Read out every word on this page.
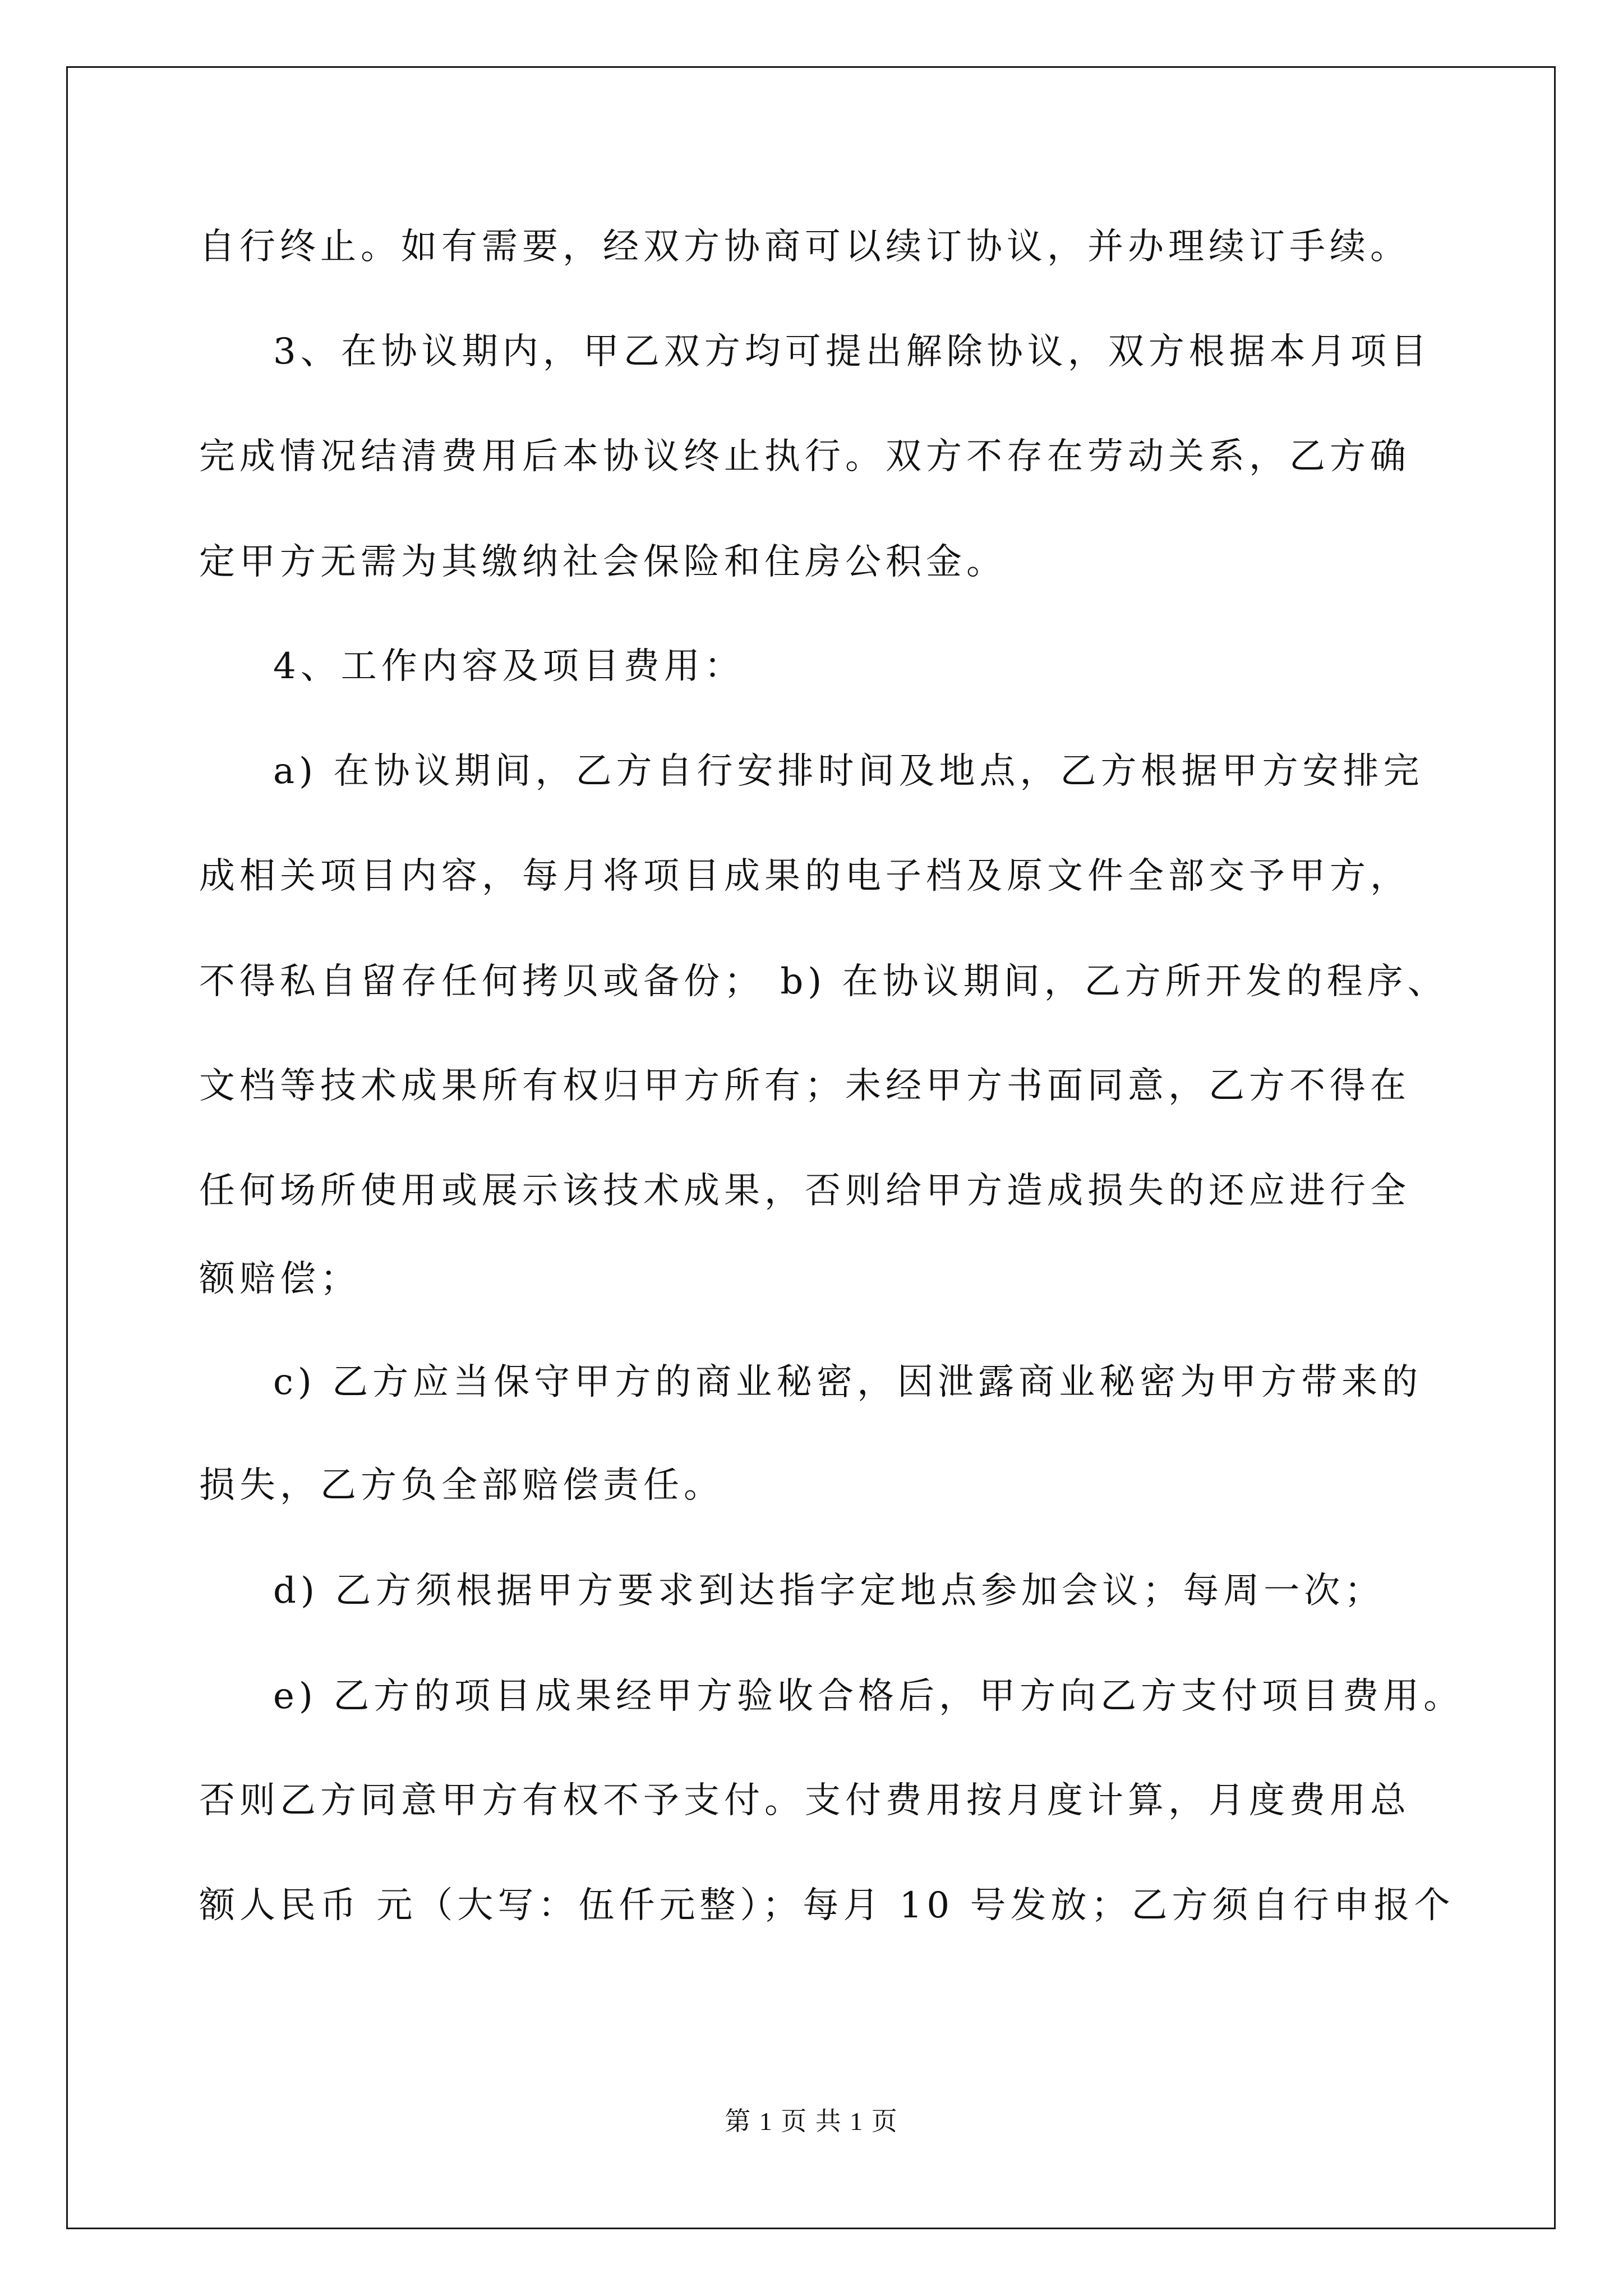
自行终止。如有需要，经双方协商可以续订协议，并办理续订手续。
3、在协议期内，甲乙双方均可提出解除协议，双方根据本月项目
完成情况结清费用后本协议终止执行。双方不存在劳动关系，乙方确
定甲方无需为其缴纳社会保险和住房公积金。
4、工作内容及项目费用：
a) 在协议期间，乙方自行安排时间及地点，乙方根据甲方安排完
成相关项目内容，每月将项目成果的电子档及原文件全部交予甲方，
不得私自留存任何拷贝或备份； b) 在协议期间，乙方所开发的程序、
文档等技术成果所有权归甲方所有；未经甲方书面同意，乙方不得在
任何场所使用或展示该技术成果，否则给甲方造成损失的还应进行全
额赔偿；
c) 乙方应当保守甲方的商业秘密，因泄露商业秘密为甲方带来的
损失，乙方负全部赔偿责任。
d) 乙方须根据甲方要求到达指字定地点参加会议；每周一次；
e) 乙方的项目成果经甲方验收合格后，甲方向乙方支付项目费用。
否则乙方同意甲方有权不予支付。支付费用按月度计算，月度费用总
额人民币 元（大写：伍仟元整）；每月 10 号发放；乙方须自行申报个
第 1 页 共 1 页
